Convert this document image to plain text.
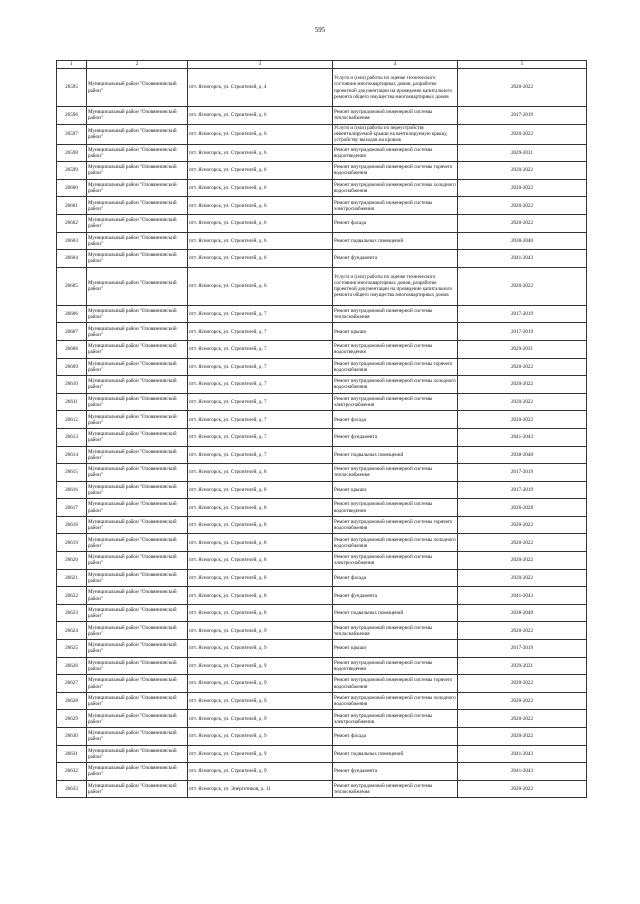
595
1	2	3	4	5
26595	Муниципальный район "Оловяннинский район"	пгт. Ясногорск, ул. Строителей, д. 4	Услуги и (или) работы по оценке технического состояния многоквартирных домов, разработке проектной документации на проведение капитального ремонта общего имущества многоквартирных домов	2020-2022
26596	Муниципальный район "Оловяннинский район"	пгт. Ясногорск, ул. Строителей, д. 6	Ремонт внутридомовой инженерной системы теплоснабжения	2017-2019
26597	Муниципальный район "Оловяннинский район"	пгт. Ясногорск, ул. Строителей, д. 6	Услуги и (или) работы по переустройству невентилируемой крыши на вентилируемую крышу, устройству выходов на кровлю	2020-2022
26598	Муниципальный район "Оловяннинский район"	пгт. Ясногорск, ул. Строителей, д. 6	Ремонт внутридомовой инженерной системы водоотведения	2029-2031
26599	Муниципальный район "Оловяннинский район"	пгт. Ясногорск, ул. Строителей, д. 6	Ремонт внутридомовой инженерной системы горячего водоснабжения	2020-2022
26600	Муниципальный район "Оловяннинский район"	пгт. Ясногорск, ул. Строителей, д. 6	Ремонт внутридомовой инженерной системы холодного водоснабжения	2020-2022
26601	Муниципальный район "Оловяннинский район"	пгт. Ясногорск, ул. Строителей, д. 6	Ремонт внутридомовой инженерной системы электроснабжения	2020-2022
26602	Муниципальный район "Оловяннинский район"	пгт. Ясногорск, ул. Строителей, д. 6	Ремонт фасада	2020-2022
26603	Муниципальный район "Оловяннинский район"	пгт. Ясногорск, ул. Строителей, д. 6	Ремонт подвальных помещений	2038-2040
26604	Муниципальный район "Оловяннинский район"	пгт. Ясногорск, ул. Строителей, д. 6	Ремонт фундамента	2041-2043
26605	Муниципальный район "Оловяннинский район"	пгт. Ясногорск, ул. Строителей, д. 6	Услуги и (или) работы по оценке технического состояния многоквартирных домов, разработке проектной документации на проведение капитального ремонта общего имущества многоквартирных домов	2020-2022
26606	Муниципальный район "Оловяннинский район"	пгт. Ясногорск, ул. Строителей, д. 7	Ремонт внутридомовой инженерной системы теплоснабжения	2017-2019
26607	Муниципальный район "Оловяннинский район"	пгт. Ясногорск, ул. Строителей, д. 7	Ремонт крыши	2017-2019
26608	Муниципальный район "Оловяннинский район"	пгт. Ясногорск, ул. Строителей, д. 7	Ремонт внутридомовой инженерной системы водоотведения	2029-2031
26609	Муниципальный район "Оловяннинский район"	пгт. Ясногорск, ул. Строителей, д. 7	Ремонт внутридомовой инженерной системы горячего водоснабжения	2020-2022
26610	Муниципальный район "Оловяннинский район"	пгт. Ясногорск, ул. Строителей, д. 7	Ремонт внутридомовой инженерной системы холодного водоснабжения	2020-2022
26611	Муниципальный район "Оловяннинский район"	пгт. Ясногорск, ул. Строителей, д. 7	Ремонт внутридомовой инженерной системы электроснабжения	2020-2022
26612	Муниципальный район "Оловяннинский район"	пгт. Ясногорск, ул. Строителей, д. 7	Ремонт фасада	2020-2022
26613	Муниципальный район "Оловяннинский район"	пгт. Ясногорск, ул. Строителей, д. 7	Ремонт фундамента	2041-2043
26614	Муниципальный район "Оловяннинский район"	пгт. Ясногорск, ул. Строителей, д. 7	Ремонт подвальных помещений	2038-2040
26615	Муниципальный район "Оловяннинский район"	пгт. Ясногорск, ул. Строителей, д. 8	Ремонт внутридомовой инженерной системы теплоснабжения	2017-2019
26616	Муниципальный район "Оловяннинский район"	пгт. Ясногорск, ул. Строителей, д. 8	Ремонт крыши	2017-2019
26617	Муниципальный район "Оловяннинский район"	пгт. Ясногорск, ул. Строителей, д. 8	Ремонт внутридомовой инженерной системы водоотведения	2026-2028
26618	Муниципальный район "Оловяннинский район"	пгт. Ясногорск, ул. Строителей, д. 8	Ремонт внутридомовой инженерной системы горячего водоснабжения	2020-2022
26619	Муниципальный район "Оловяннинский район"	пгт. Ясногорск, ул. Строителей, д. 8	Ремонт внутридомовой инженерной системы холодного водоснабжения	2020-2022
26620	Муниципальный район "Оловяннинский район"	пгт. Ясногорск, ул. Строителей, д. 8	Ремонт внутридомовой инженерной системы электроснабжения	2020-2022
26621	Муниципальный район "Оловяннинский район"	пгт. Ясногорск, ул. Строителей, д. 8	Ремонт фасада	2020-2022
26622	Муниципальный район "Оловяннинский район"	пгт. Ясногорск, ул. Строителей, д. 8	Ремонт фундамента	2041-2043
26623	Муниципальный район "Оловяннинский район"	пгт. Ясногорск, ул. Строителей, д. 8	Ремонт подвальных помещений	2038-2040
26624	Муниципальный район "Оловяннинский район"	пгт. Ясногорск, ул. Строителей, д. 9	Ремонт внутридомовой инженерной системы теплоснабжения	2020-2022
26625	Муниципальный район "Оловяннинский район"	пгт. Ясногорск, ул. Строителей, д. 9	Ремонт крыши	2017-2019
26626	Муниципальный район "Оловяннинский район"	пгт. Ясногорск, ул. Строителей, д. 9	Ремонт внутридомовой инженерной системы водоотведения	2029-2031
26627	Муниципальный район "Оловяннинский район"	пгт. Ясногорск, ул. Строителей, д. 9	Ремонт внутридомовой инженерной системы горячего водоснабжения	2020-2022
26628	Муниципальный район "Оловяннинский район"	пгт. Ясногорск, ул. Строителей, д. 9	Ремонт внутридомовой инженерной системы холодного водоснабжения	2020-2022
26629	Муниципальный район "Оловяннинский район"	пгт. Ясногорск, ул. Строителей, д. 9	Ремонт внутридомовой инженерной системы электроснабжения	2020-2022
26630	Муниципальный район "Оловяннинский район"	пгт. Ясногорск, ул. Строителей, д. 9	Ремонт фасада	2020-2022
26631	Муниципальный район "Оловяннинский район"	пгт. Ясногорск, ул. Строителей, д. 9	Ремонт подвальных помещений	2041-2043
26632	Муниципальный район "Оловяннинский район"	пгт. Ясногорск, ул. Строителей, д. 9	Ремонт фундамента	2041-2043
26633	Муниципальный район "Оловяннинский район"	пгт. Ясногорск, ул. Энергетиков, д. 11	Ремонт внутридомовой инженерной системы теплоснабжения	2020-2022
